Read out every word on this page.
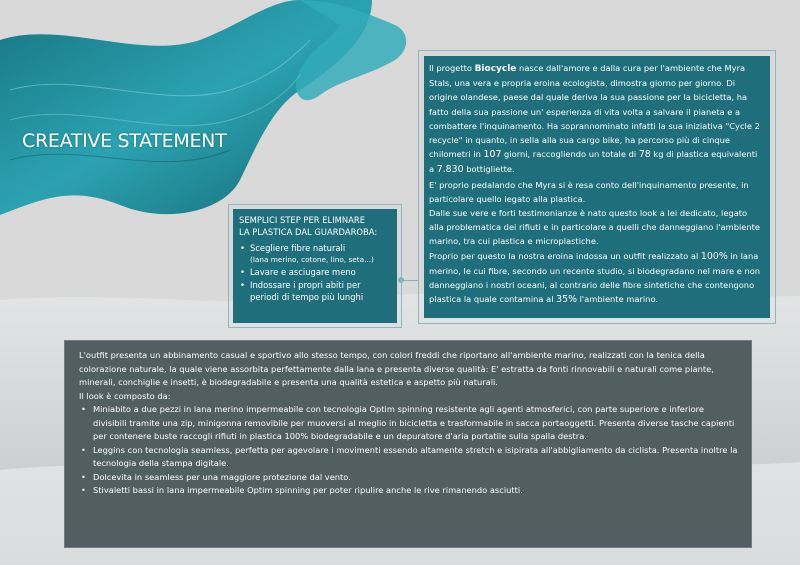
CREATIVE STATEMENT

Il progetto Biocycle nasce dall'amore e dalla cura per l'ambiente che Myra Stals, una vera e propria eroina ecologista, dimostra giorno per giorno. Di origine olandese, paese dal quale deriva la sua passione per la bicicletta, ha fatto della sua passione un' esperienza di vita volta a salvare il pianeta e a combattere l'inquinamento. Ha soprannominato infatti la sua iniziativa "Cycle 2 recycle" in quanto, in sella alla sua cargo bike, ha percorso più di cinque chilometri in 107 giorni, raccogliendo un totale di 78 kg di plastica equivalenti a 7.830 bottigliette.

E' proprio pedalando che Myra si è resa conto dell'inquinamento presente, in particolare quello legato alla plastica.

Dalle sue vere e forti testimonianze è nato questo look a lei dedicato, legato alla problematica dei rifiuti e in particolare a quelli che danneggiano l'ambiente marino, tra cui plastica e microplastiche.

Proprio per questo la nostra eroina indossa un outfit realizzato al 100% in lana merino, le cui fibre, secondo un recente studio, si biodegradano nel mare e non danneggiano i nostri oceani, al contrario delle fibre sintetiche che contengono plastica la quale contamina al 35% l'ambiente marino.

SEMPLICI STEP PER ELIMNARE
LA PLASTICA DAL GUARDAROBA:
• Scegliere fibre naturali
(lana merino, cotone, lino, seta...)
• Lavare e asciugare meno
• Indossare i propri abiti per periodi di tempo più lunghi

L'outfit presenta un abbinamento casual e sportivo allo stesso tempo, con colori freddi che riportano all'ambiente marino, realizzati con la tenica della colorazione naturale, la quale viene assorbita perfettamente dalla lana e presenta diverse qualità: E' estratta da fonti rinnovabili e naturali come piante, minerali, conchiglie e insetti, è biodegradabile e presenta una qualità estetica e aspetto più naturali.

Il look è composto da:

• Miniabito a due pezzi in lana merino impermeabile con tecnologia Optim spinning resistente agli agenti atmosferici, con parte superiore e inferiore divisibili tramite una zip, minigonna removibile per muoversi al meglio in bicicletta e trasformabile in sacca portaoggetti. Presenta diverse tasche capienti per contenere buste raccogli rifiuti in plastica 100% biodegradabile e un depuratore d'aria portatile sulla spalla destra.
• Leggins con tecnologia seamless, perfetta per agevolare i movimenti essendo altamente stretch e isipirata all'abbigliamento da ciclista. Presenta inoltre la tecnologia della stampa digitale.
• Dolcevita in seamless per una maggiore protezione dal vento.
• Stivaletti bassi in lana impermeabile Optim spinning per poter ripulire anche le rive rimanendo asciutti.
